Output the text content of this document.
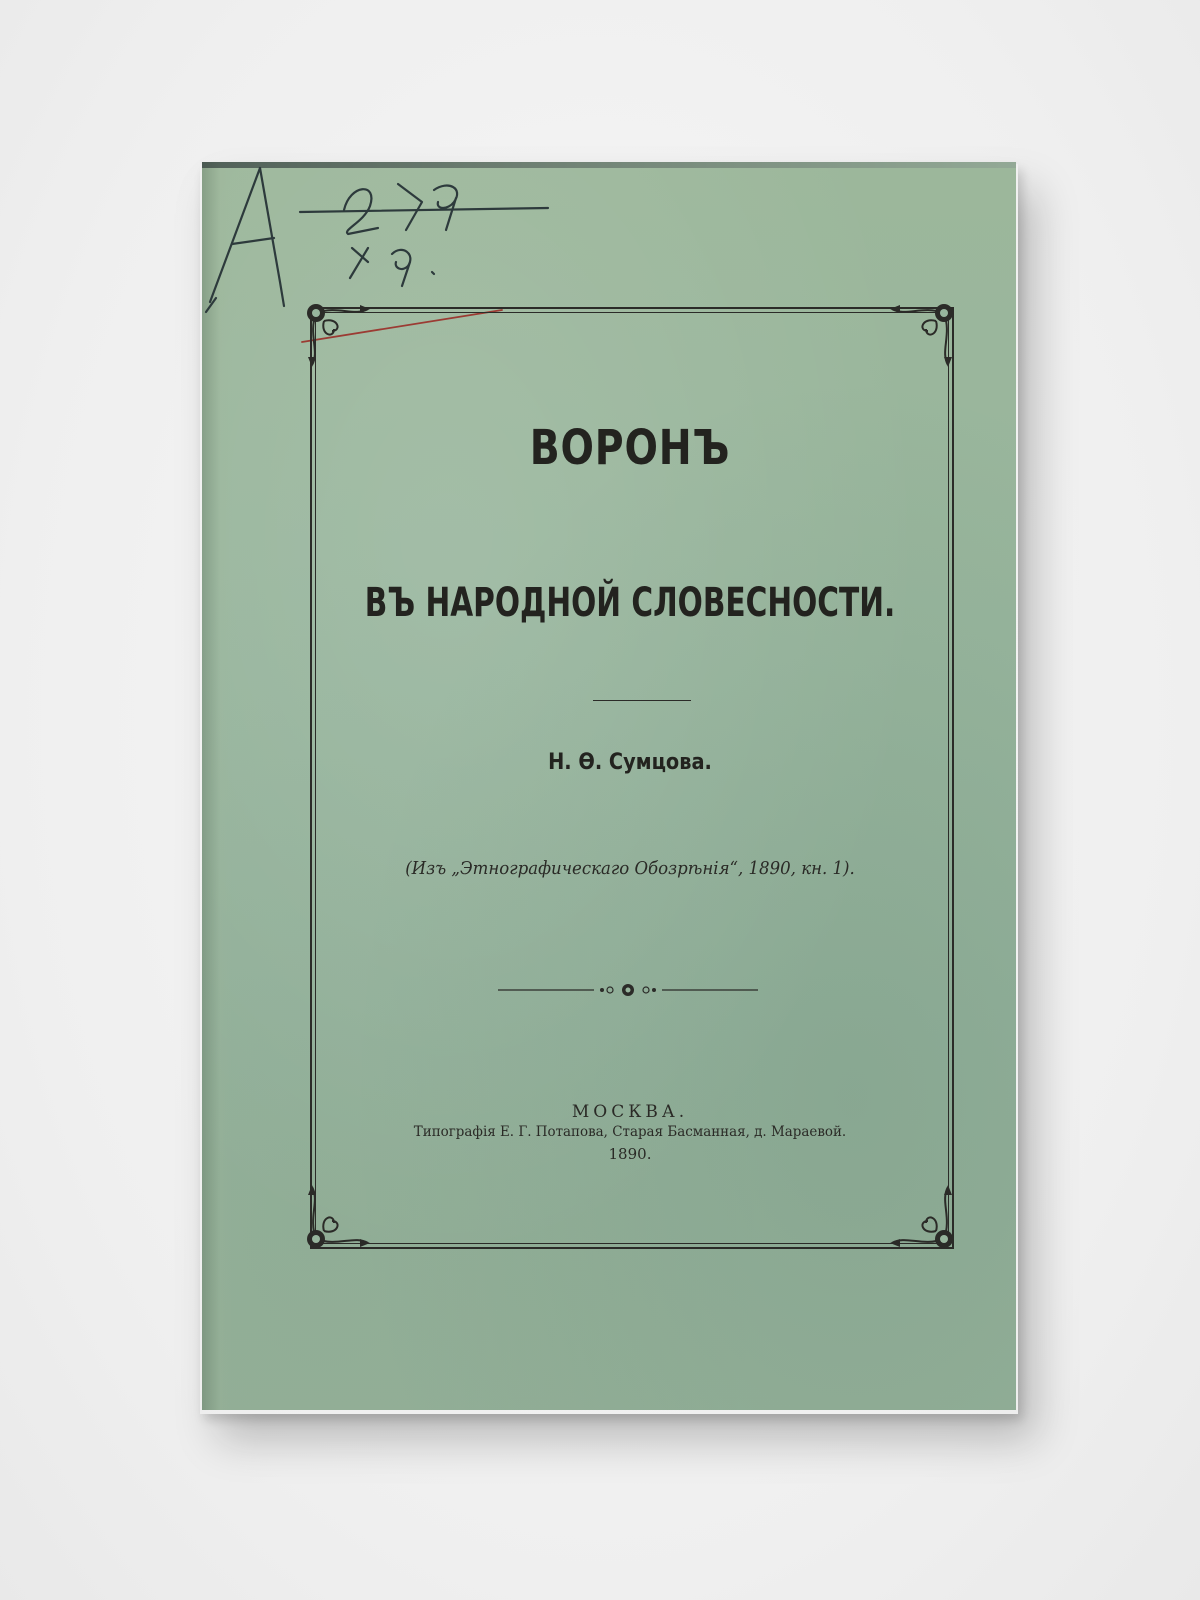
ВОРОНЪ
ВЪ НАРОДНОЙ СЛОВЕСНОСТИ.
Н. Ѳ. Сумцова.
(Изъ „Этнографическаго Обозрѣнія“, 1890, кн. 1).
МОСКВА.
Типографія Е. Г. Потапова, Старая Басманная, д. Мараевой.
1890.
